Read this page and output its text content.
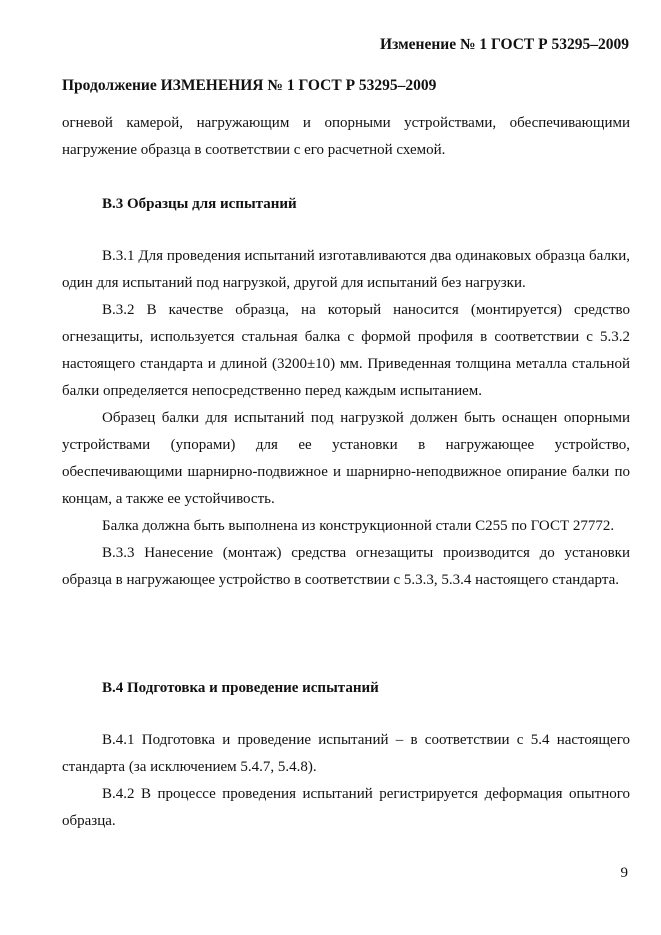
Изменение № 1 ГОСТ Р 53295–2009
Продолжение ИЗМЕНЕНИЯ № 1 ГОСТ Р 53295–2009

огневой камерой, нагружающим и опорными устройствами, обеспечивающими нагружение образца в соответствии с его расчетной схемой.

В.3 Образцы для испытаний

В.3.1 Для проведения испытаний изготавливаются два одинаковых образца балки, один для испытаний под нагрузкой, другой для испытаний без нагрузки.

В.3.2 В качестве образца, на который наносится (монтируется) средство огнезащиты, используется стальная балка с формой профиля в соответствии с 5.3.2 настоящего стандарта и длиной (3200±10) мм. Приведенная толщина металла стальной балки определяется непосредственно перед каждым испытанием.

Образец балки для испытаний под нагрузкой должен быть оснащен опорными устройствами (упорами) для ее установки в нагружающее устройство, обеспечивающими шарнирно-подвижное и шарнирно-неподвижное опирание балки по концам, а также ее устойчивость.

Балка должна быть выполнена из конструкционной стали С255 по ГОСТ 27772.

В.3.3 Нанесение (монтаж) средства огнезащиты производится до установки образца в нагружающее устройство в соответствии с 5.3.3, 5.3.4 настоящего стандарта.

В.4 Подготовка и проведение испытаний

В.4.1 Подготовка и проведение испытаний – в соответствии с 5.4 настоящего стандарта (за исключением 5.4.7, 5.4.8).

В.4.2 В процессе проведения испытаний регистрируется деформация опытного образца.

9
